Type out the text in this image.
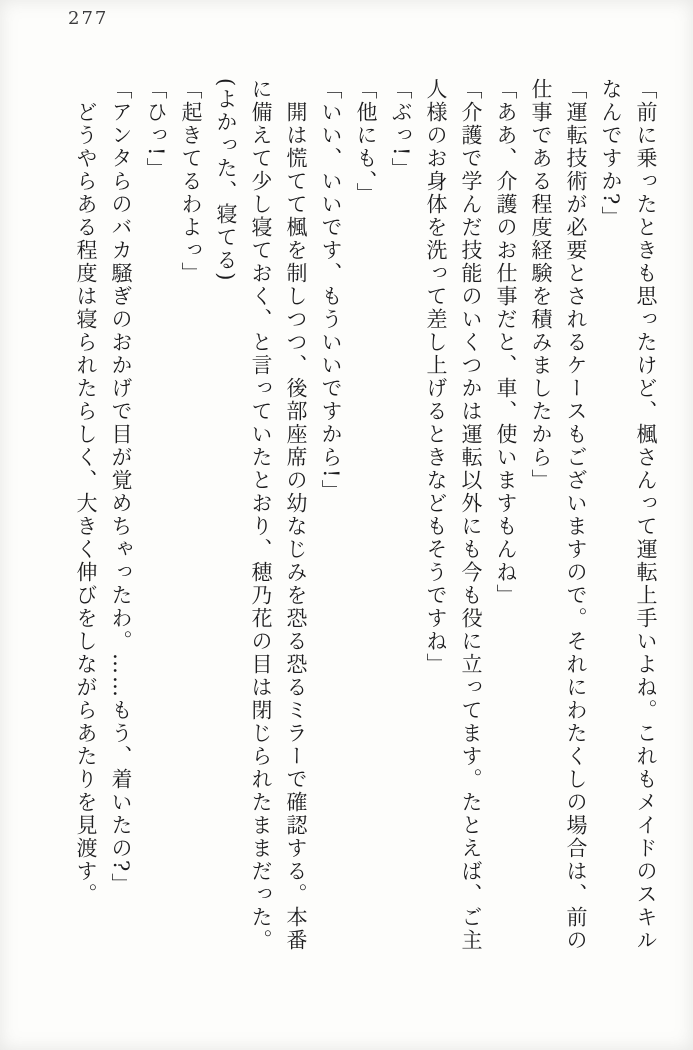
277
「前に乗ったときも思ったけど、楓さんって運転上手いよね。これもメイドのスキル
なんですか?」
「運転技術が必要とされるケースもございますので。それにわたくしの場合は、前の
仕事である程度経験を積みましたから」
「ああ、介護のお仕事だと、車、使いますもんね」
「介護で学んだ技能のいくつかは運転以外にも今も役に立ってます。たとえば、ご主
人様のお身体を洗って差し上げるときなどもそうですね」
「ぶっ!」
「他にも、」
「いい、いいです、もういいですから!」
開は慌てて楓を制しつつ、後部座席の幼なじみを恐る恐るミラーで確認する。本番
に備えて少し寝ておく、と言っていたとおり、穂乃花の目は閉じられたままだった。
(よかった、寝てる)
「起きてるわよっ」
「ひっ!」
「アンタらのバカ騒ぎのおかげで目が覚めちゃったわ。……もう、着いたの?」
どうやらある程度は寝られたらしく、大きく伸びをしながらあたりを見渡す。
